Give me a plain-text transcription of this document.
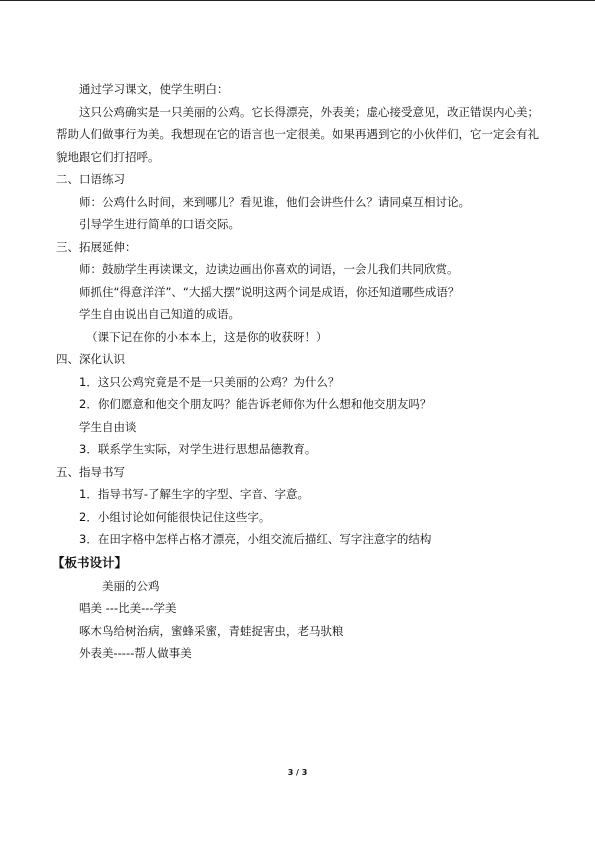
通过学习课文，使学生明白：

这只公鸡确实是一只美丽的公鸡。它长得漂亮，外表美；虚心接受意见，改正错误内心美；帮助人们做事行为美。我想现在它的语言也一定很美。如果再遇到它的小伙伴们，它一定会有礼貌地跟它们打招呼。

二、口语练习

师：公鸡什么时间，来到哪儿？看见谁，他们会讲些什么？请同桌互相讨论。

引导学生进行简单的口语交际。

三、拓展延伸：

师：鼓励学生再读课文，边读边画出你喜欢的词语，一会儿我们共同欣赏。

师抓住“得意洋洋”、“大摇大摆”说明这两个词是成语，你还知道哪些成语？

学生自由说出自己知道的成语。

（课下记在你的小本本上，这是你的收获呀！）

四、深化认识

1．这只公鸡究竟是不是一只美丽的公鸡？为什么？

2．你们愿意和他交个朋友吗？能告诉老师你为什么想和他交朋友吗？

学生自由谈

3．联系学生实际，对学生进行思想品德教育。

五、指导书写

1．指导书写-了解生字的字型、字音、字意。

2．小组讨论如何能很快记住这些字。

3．在田字格中怎样占格才漂亮，小组交流后描红、写字注意字的结构

【板书设计】

美丽的公鸡

唱美 ---比美---学美

啄木鸟给树治病，蜜蜂采蜜，青蛙捉害虫，老马驮粮

外表美-----帮人做事美

3 / 3
